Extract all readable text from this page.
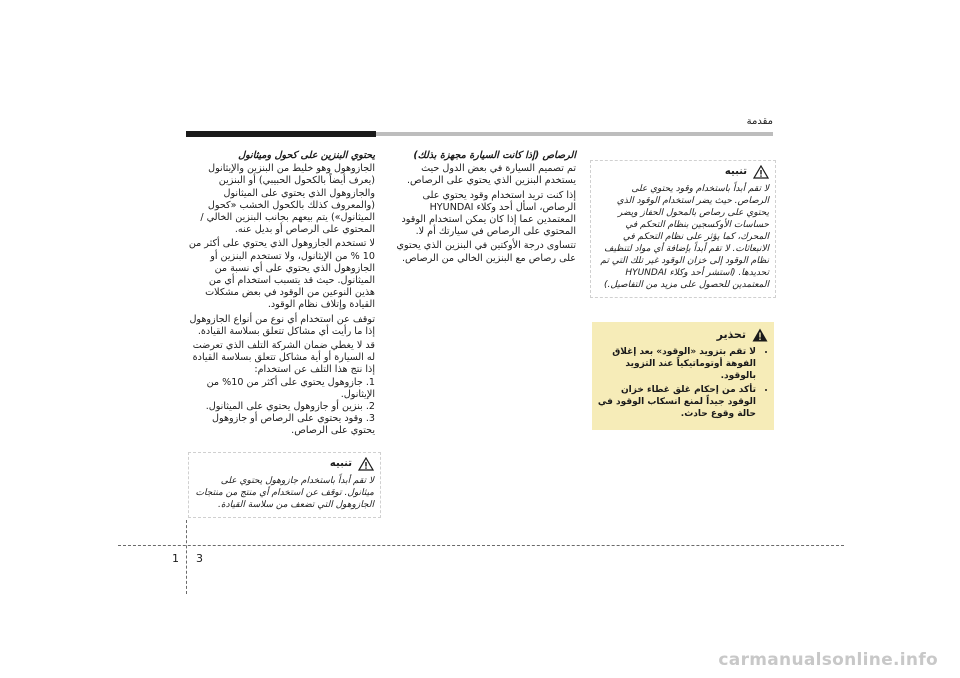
مقدمة

يحتوي البنزين على كحول وميثانول

الجازوهول وهو خليط من البنزين والإيثانول (يعرف أيضاً بالكحول الحبيبي) أو البنزين والجازوهول الذي يحتوي على الميثانول (والمعروف كذلك بالكحول الخشب «كحول الميثانول») يتم بيعهم بجانب البنزين الخالي / المحتوي على الرصاص أو بديل عنه.

لا تستخدم الجازوهول الذي يحتوي على أكثر من 10 % من الإيثانول، ولا تستخدم البنزين أو الجازوهول الذي يحتوي على أي نسبة من الميثانول. حيث قد يتسبب استخدام أي من هذين النوعين من الوقود في بعض مشكلات القيادة وإتلاف نظام الوقود.

توقف عن استخدام أي نوع من أنواع الجازوهول إذا ما رأيت أي مشاكل تتعلق بسلاسة القيادة.

قد لا يغطي ضمان الشركة التلف الذي تعرضت له السيارة أو أية مشاكل تتعلق بسلاسة القيادة إذا نتج هذا التلف عن استخدام:

1. جازوهول يحتوي على أكثر من 10% من الإيثانول.
2. بنزين أو جازوهول يحتوي على الميثانول.
3. وقود يحتوي على الرصاص أو جازوهول يحتوي على الرصاص.
تنبيه
لا تقم أبداً باستخدام جازوهول يحتوي على ميثانول. توقف عن استخدام أي منتج من منتجات الجازوهول التي تضعف من سلاسة القيادة.

الرصاص (إذا كانت السيارة مجهزة بذلك)

تم تصميم السيارة في بعض الدول حيث يستخدم البنزين الذي يحتوي على الرصاص.

إذا كنت تريد استخدام وقود يحتوي على الرصاص، اسأل أحد وكلاء HYUNDAI المعتمدين عما إذا كان يمكن استخدام الوقود المحتوي على الرصاص في سيارتك أم لا.

تتساوى درجة الأوكتين في البنزين الذي يحتوي على رصاص مع البنزين الخالي من الرصاص.

تنبيه
لا تقم أبداً باستخدام وقود يحتوي على الرصاص. حيث يضر استخدام الوقود الذي يحتوي على رصاص بالمحول الحفاز ويضر حساسات الأوكسجين بنظام التحكم في المحرك، كما يؤثر على نظام التحكم في الانبعاثات. لا تقم أبداً بإضافة أي مواد لتنظيف نظام الوقود إلى خزان الوقود غير تلك التي تم تحديدها. (استشر أحد وكلاء HYUNDAI المعتمدين للحصول على مزيد من التفاصيل.)
تحذير
• لا تقم بتزويد «الوقود» بعد إغلاق الفوهة أوتوماتيكياً عند التزويد بالوقود.
• تأكد من إحكام غلق غطاء خزان الوقود جيداً لمنع انسكاب الوقود في حالة وقوع حادث.
1 3
carmanualsonline.info
